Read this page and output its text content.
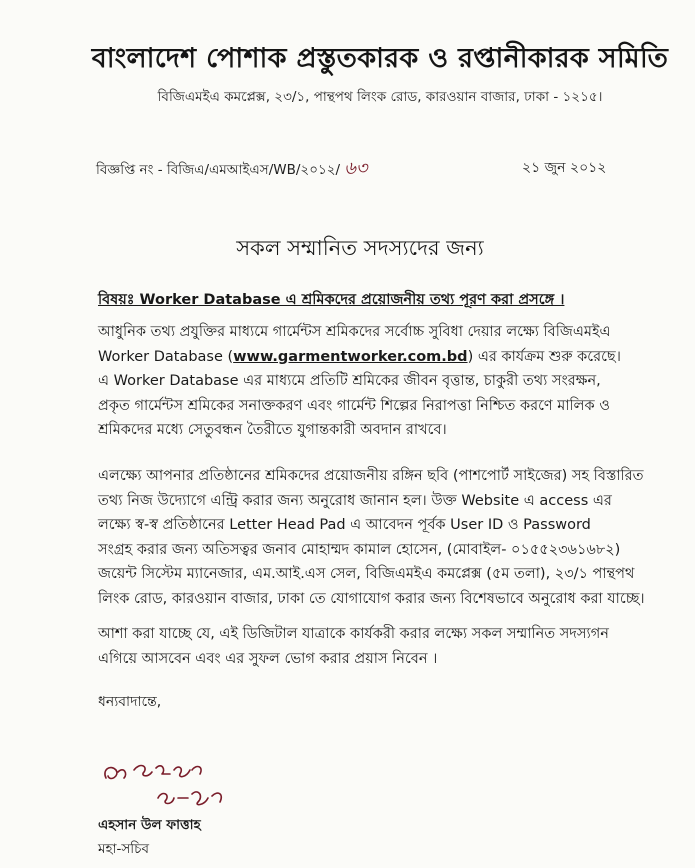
বাংলাদেশ পোশাক প্রস্তুতকারক ও রপ্তানীকারক সমিতি
বিজিএমইএ কমপ্লেক্স, ২৩/১, পান্থপথ লিংক রোড, কারওয়ান বাজার, ঢাকা - ১২১৫।
বিজ্ঞপ্তি নং - বিজিএ/এমআইএস/WB/২০১২/ ৬৩	২১ জুন ২০১২
সকল সম্মানিত সদস্যদের জন্য
বিষয়ঃ Worker Database এ শ্রমিকদের প্রয়োজনীয় তথ্য পূরণ করা প্রসঙ্গে ।
আধুনিক তথ্য প্রযুক্তির মাধ্যমে গার্মেন্টস শ্রমিকদের সর্বোচ্চ সুবিধা দেয়ার লক্ষ্যে বিজিএমইএ
Worker Database (www.garmentworker.com.bd) এর কার্যক্রম শুরু করেছে।
এ Worker Database এর মাধ্যমে প্রতিটি শ্রমিকের জীবন বৃত্তান্ত, চাকুরী তথ্য সংরক্ষন,
প্রকৃত গার্মেন্টস শ্রমিকের সনাক্তকরণ এবং গার্মেন্ট শিল্পের নিরাপত্তা নিশ্চিত করণে মালিক ও
শ্রমিকদের মধ্যে সেতুবন্ধন তৈরীতে যুগান্তকারী অবদান রাখবে।
এলক্ষ্যে আপনার প্রতিষ্ঠানের শ্রমিকদের প্রয়োজনীয় রঙ্গিন ছবি (পাশপোর্ট সাইজের) সহ বিস্তারিত
তথ্য নিজ উদ্যোগে এন্ট্রি করার জন্য অনুরোধ জানান হল। উক্ত Website এ access এর
লক্ষ্যে স্ব-স্ব প্রতিষ্ঠানের Letter Head Pad এ আবেদন পূর্বক User ID ও Password
সংগ্রহ করার জন্য অতিসত্বর জনাব মোহাম্মদ কামাল হোসেন, (মোবাইল- ০১৫৫২৩৬১৬৮২)
জয়েন্ট সিস্টেম ম্যানেজার, এম.আই.এস সেল, বিজিএমইএ কমপ্লেক্স (৫ম তলা), ২৩/১ পান্থপথ
লিংক রোড, কারওয়ান বাজার, ঢাকা তে যোগাযোগ করার জন্য বিশেষভাবে অনুরোধ করা যাচ্ছে।
আশা করা যাচ্ছে যে, এই ডিজিটাল যাত্রাকে কার্যকরী করার লক্ষ্যে সকল সম্মানিত সদস্যগন
এগিয়ে আসবেন এবং এর সুফল ভোগ করার প্রয়াস নিবেন ।
ধন্যবাদান্তে,
এহসান উল ফাত্তাহ
মহা-সচিব
